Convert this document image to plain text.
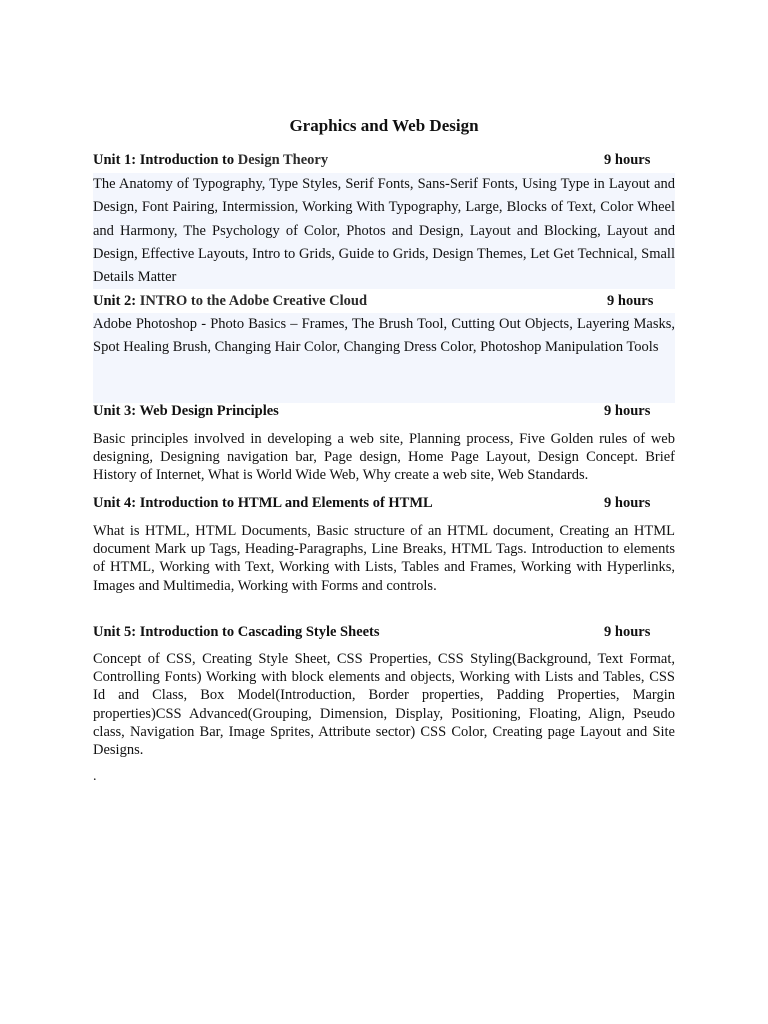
Graphics and Web Design
Unit 1: Introduction to Design Theory	9 hours

The Anatomy of Typography, Type Styles, Serif Fonts, Sans-Serif Fonts, Using Type in Layout and Design, Font Pairing, Intermission, Working With Typography, Large, Blocks of Text, Color Wheel and Harmony, The Psychology of Color, Photos and Design, Layout and Blocking, Layout and Design, Effective Layouts, Intro to Grids, Guide to Grids, Design Themes, Let Get Technical, Small Details Matter

Unit 2: INTRO to the Adobe Creative Cloud	9 hours

Adobe Photoshop - Photo Basics – Frames, The Brush Tool, Cutting Out Objects, Layering Masks, Spot Healing Brush, Changing Hair Color, Changing Dress Color, Photoshop Manipulation Tools

Unit 3: Web Design Principles	9 hours

Basic principles involved in developing a web site, Planning process, Five Golden rules of web designing, Designing navigation bar, Page design, Home Page Layout, Design Concept. Brief History of Internet, What is World Wide Web, Why create a web site, Web Standards.

Unit 4: Introduction to HTML and Elements of HTML	9 hours

What is HTML, HTML Documents, Basic structure of an HTML document, Creating an HTML document Mark up Tags, Heading-Paragraphs, Line Breaks, HTML Tags. Introduction to elements of HTML, Working with Text, Working with Lists, Tables and Frames, Working with Hyperlinks, Images and Multimedia, Working with Forms and controls.

Unit 5: Introduction to Cascading Style Sheets	9 hours

Concept of CSS, Creating Style Sheet, CSS Properties, CSS Styling(Background, Text Format, Controlling Fonts) Working with block elements and objects, Working with Lists and Tables, CSS Id and Class, Box Model(Introduction, Border properties, Padding Properties, Margin properties)CSS Advanced(Grouping, Dimension, Display, Positioning, Floating, Align, Pseudo class, Navigation Bar, Image Sprites, Attribute sector) CSS Color, Creating page Layout and Site Designs.

.
